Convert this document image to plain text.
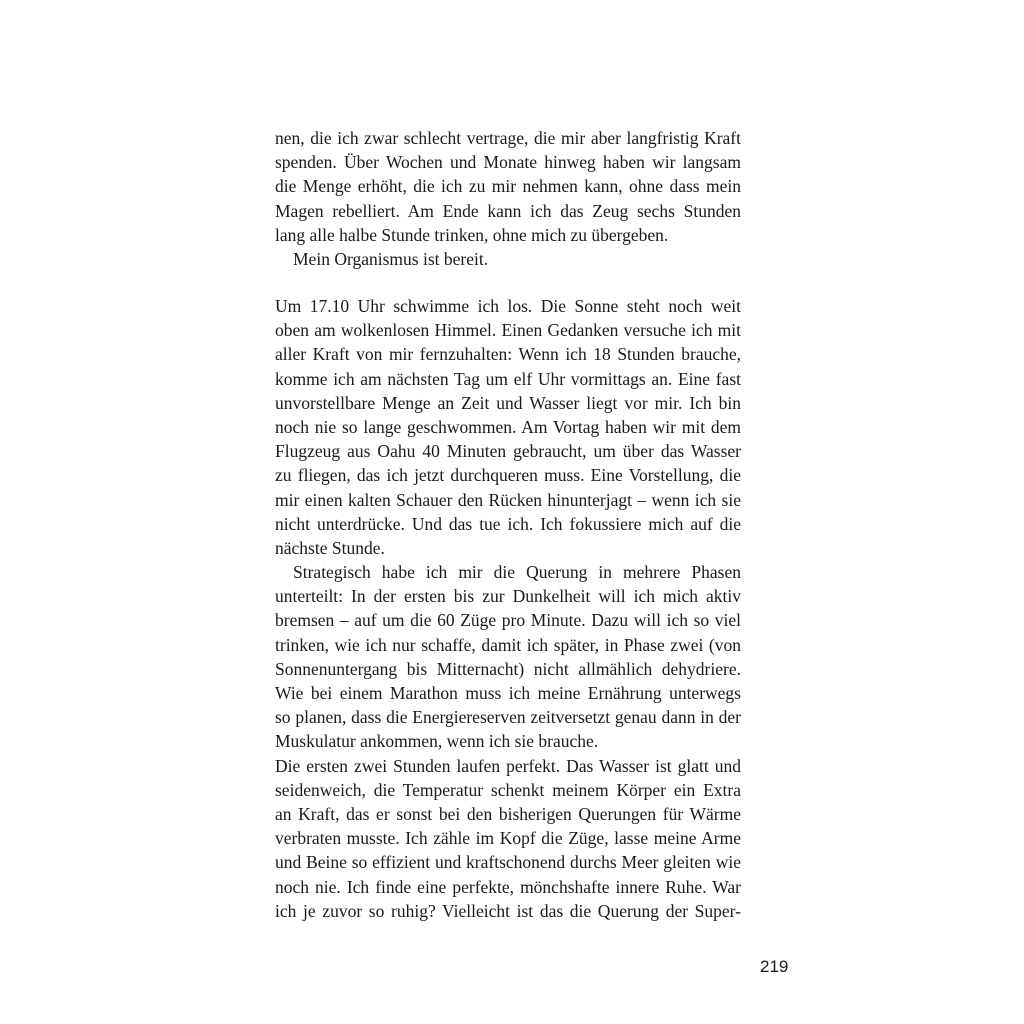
nen, die ich zwar schlecht vertrage, die mir aber langfristig Kraft
spenden. Über Wochen und Monate hinweg haben wir langsam
die Menge erhöht, die ich zu mir nehmen kann, ohne dass mein
Magen rebelliert. Am Ende kann ich das Zeug sechs Stunden
lang alle halbe Stunde trinken, ohne mich zu übergeben.
Mein Organismus ist bereit.
Um 17.10 Uhr schwimme ich los. Die Sonne steht noch weit
oben am wolkenlosen Himmel. Einen Gedanken versuche ich mit
aller Kraft von mir fernzuhalten: Wenn ich 18 Stunden brauche,
komme ich am nächsten Tag um elf Uhr vormittags an. Eine fast
unvorstellbare Menge an Zeit und Wasser liegt vor mir. Ich bin
noch nie so lange geschwommen. Am Vortag haben wir mit dem
Flugzeug aus Oahu 40 Minuten gebraucht, um über das Wasser
zu fliegen, das ich jetzt durchqueren muss. Eine Vorstellung, die
mir einen kalten Schauer den Rücken hinunterjagt – wenn ich sie
nicht unterdrücke. Und das tue ich. Ich fokussiere mich auf die
nächste Stunde.
Strategisch habe ich mir die Querung in mehrere Phasen
unterteilt: In der ersten bis zur Dunkelheit will ich mich aktiv
bremsen – auf um die 60 Züge pro Minute. Dazu will ich so viel
trinken, wie ich nur schaffe, damit ich später, in Phase zwei (von
Sonnenuntergang bis Mitternacht) nicht allmählich dehydriere.
Wie bei einem Marathon muss ich meine Ernährung unterwegs
so planen, dass die Energiereserven zeitversetzt genau dann in der
Muskulatur ankommen, wenn ich sie brauche.
Die ersten zwei Stunden laufen perfekt. Das Wasser ist glatt und
seidenweich, die Temperatur schenkt meinem Körper ein Extra
an Kraft, das er sonst bei den bisherigen Querungen für Wärme
verbraten musste. Ich zähle im Kopf die Züge, lasse meine Arme
und Beine so effizient und kraftschonend durchs Meer gleiten wie
noch nie. Ich finde eine perfekte, mönchshafte innere Ruhe. War
ich je zuvor so ruhig? Vielleicht ist das die Querung der Super-
219
